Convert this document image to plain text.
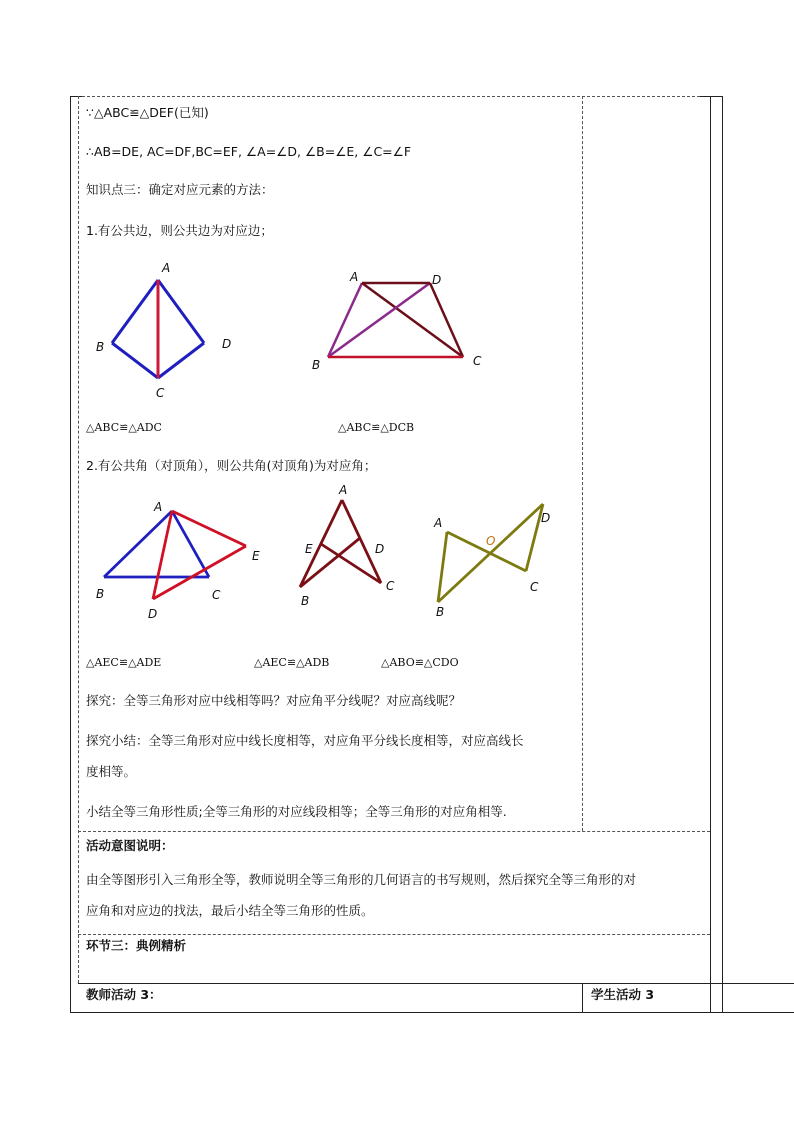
∵△ABC≌△DEF(已知)
∴AB=DE, AC=DF,BC=EF, ∠A=∠D, ∠B=∠E, ∠C=∠F
知识点三：确定对应元素的方法：
1.有公共边，则公共边为对应边；
A
B	D
C
A	D
B	C
△ABC≌△ADC	△ABC≌△DCB
2.有公共角（对顶角），则公共角(对顶角)为对应角；
A
E
B
D
C
A
E	D
B
C
A
O
D
B
C
△AEC≌△ADE	△AEC≌△ADB	△ABO≌△CDO
探究：全等三角形对应中线相等吗？对应角平分线呢？对应高线呢？
探究小结：全等三角形对应中线长度相等，对应角平分线长度相等，对应高线长
度相等。
小结全等三角形性质;全等三角形的对应线段相等；全等三角形的对应角相等.
活动意图说明：
由全等图形引入三角形全等，教师说明全等三角形的几何语言的书写规则，然后探究全等三角形的对
应角和对应边的找法，最后小结全等三角形的性质。
环节三：典例精析
教师活动 3：	学生活动 3
